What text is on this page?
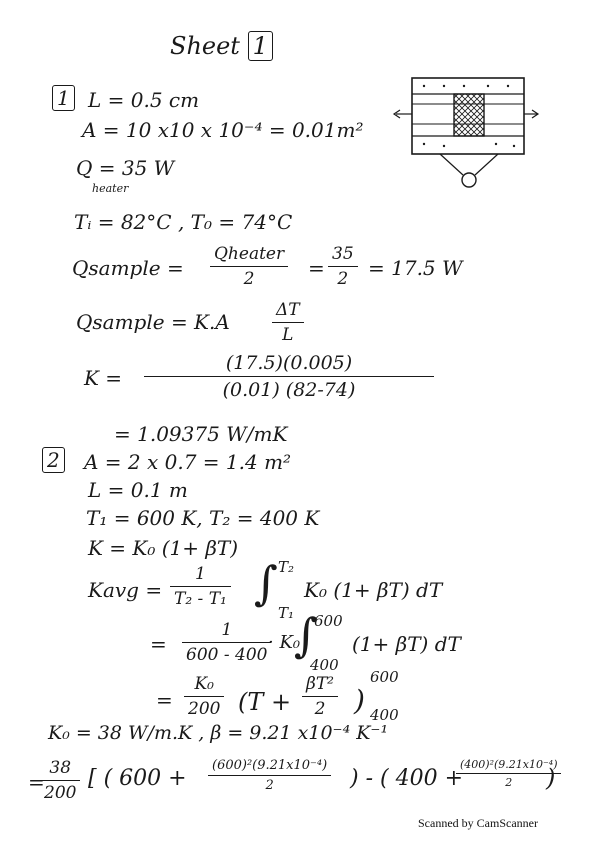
Sheet 1
1 L = 0.5 cm
A = 10 x10 x 10⁻⁴ = 0.01m²
Q = 35 W
heater
Tᵢ = 82°C , T₀ = 74°C
Qsample =
Qheater
2	=
35
2 = 17.5 W
Qsample = K.A	ΔT
L
K =
(17.5)(0.005)
(0.01) (82-74)
= 1.09375 W/mK
2 A = 2 x 0.7 = 1.4 m²
L = 0.1 m
T₁ = 600 K, T₂ = 400 K
K = K₀ (1+ βT)
Kavg =
1
T₂ - T₁ ∫ T₂
T₁
K₀ (1+ βT) dT
=
1
600 - 400
· K₀
∫
600
400
(1+ βT) dT
=
K₀
200 (T +
βT²
2	)
600
400
K₀ = 38 W/m.K , β = 9.21 x10⁻⁴ K⁻¹
=
38
200
[ ( 600 +
(600)²(9.21x10⁻⁴)
2	) - ( 400 +
(400)²(9.21x10⁻⁴)
2	)
Scanned by CamScanner
